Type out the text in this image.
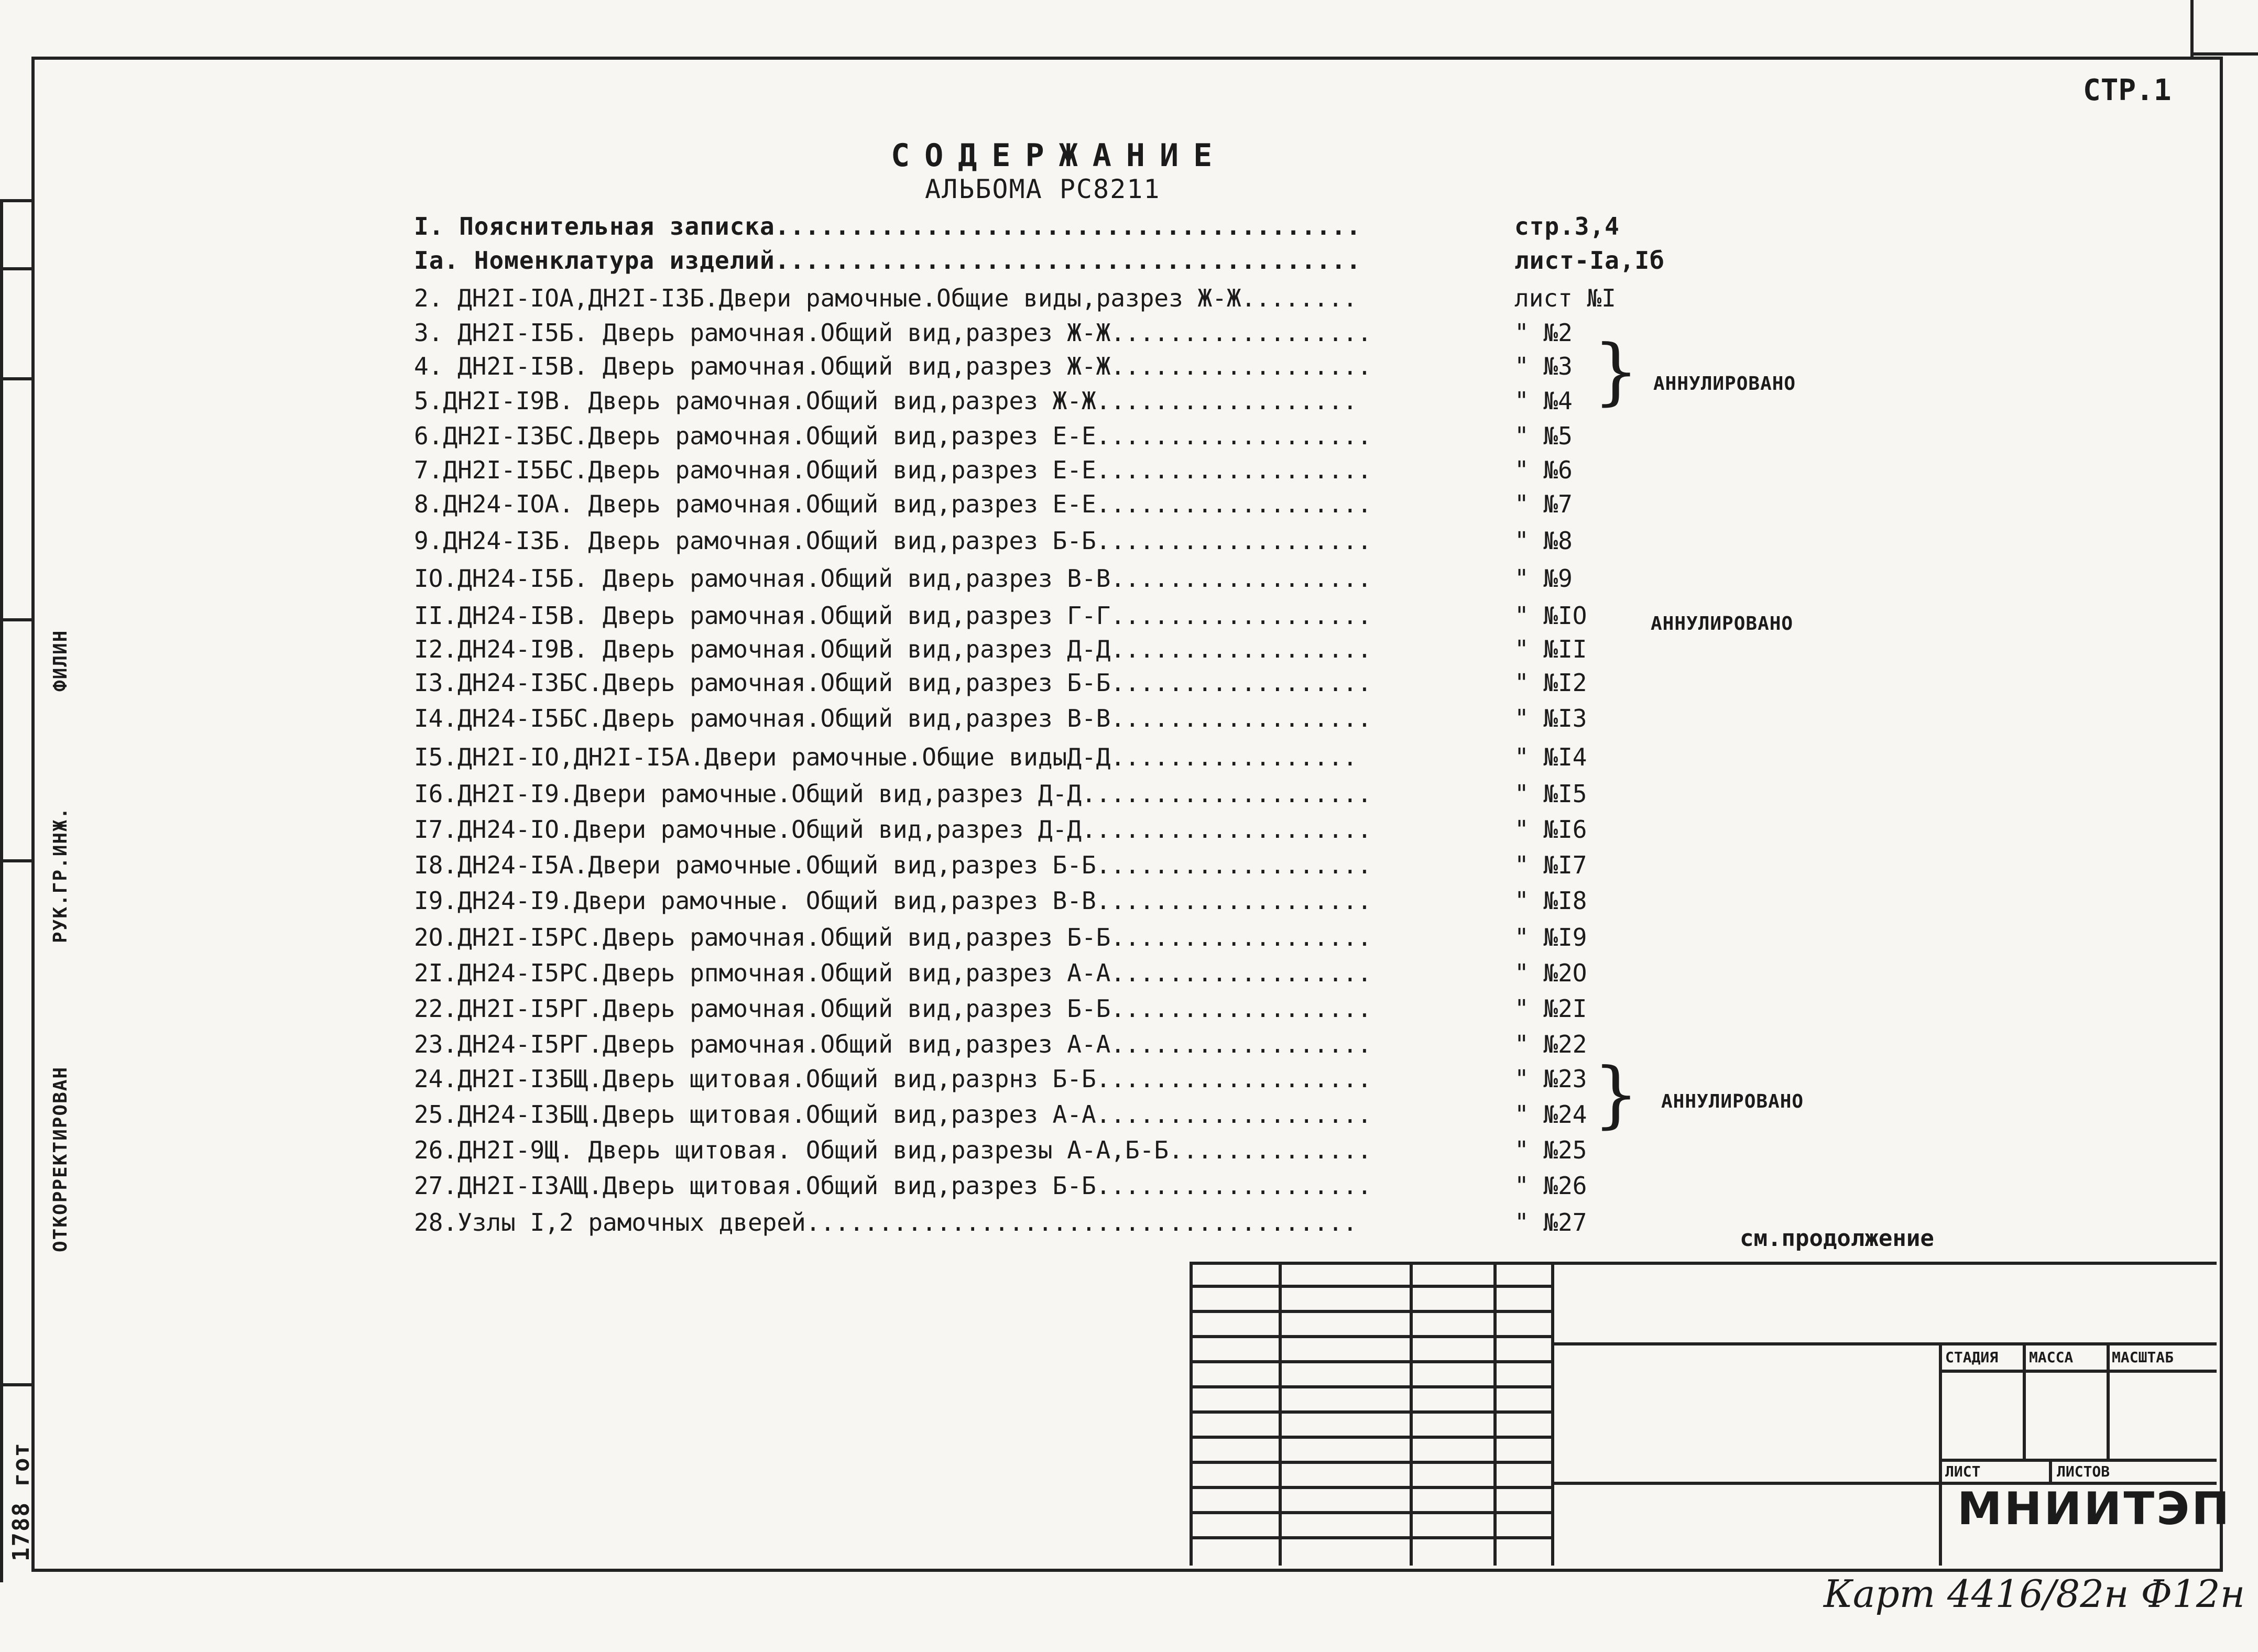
ОТКОРРЕКТИРОВАН
РУК.ГР.ИНЖ.
ФИЛИН
1788 гот
СТР.1
СОДЕРЖАНИЕ
АЛЬБОМА РС8211
I. Пояснительная записка.......................................	стр.3,4
Iа. Номенклатура изделий.......................................	лист-Iа,Iб
2. ДН2I-IОА,ДН2I-I3Б.Двери рамочные.Общие виды,разрез Ж-Ж........	лист №I
3. ДН2I-I5Б. Дверь рамочная.Общий вид,разрез Ж-Ж..................	" №2
4. ДН2I-I5В. Дверь рамочная.Общий вид,разрез Ж-Ж..................	" №3
5.ДН2I-I9В. Дверь рамочная.Общий вид,разрез Ж-Ж..................	" №4
6.ДН2I-I3БС.Дверь рамочная.Общий вид,разрез Е-Е...................	" №5
7.ДН2I-I5БС.Дверь рамочная.Общий вид,разрез Е-Е...................	" №6
8.ДН24-IОА. Дверь рамочная.Общий вид,разрез Е-Е...................	" №7
9.ДН24-I3Б. Дверь рамочная.Общий вид,разрез Б-Б...................	" №8
IО.ДН24-I5Б. Дверь рамочная.Общий вид,разрез В-В..................	" №9
II.ДН24-I5В. Дверь рамочная.Общий вид,разрез Г-Г..................	" №IО
I2.ДН24-I9В. Дверь рамочная.Общий вид,разрез Д-Д..................	" №II
I3.ДН24-I3БС.Дверь рамочная.Общий вид,разрез Б-Б..................	" №I2
I4.ДН24-I5БС.Дверь рамочная.Общий вид,разрез В-В..................	" №I3
I5.ДН2I-IО,ДН2I-I5А.Двери рамочные.Общие видыД-Д.................	" №I4
I6.ДН2I-I9.Двери рамочные.Общий вид,разрез Д-Д....................	" №I5
I7.ДН24-IО.Двери рамочные.Общий вид,разрез Д-Д....................	" №I6
I8.ДН24-I5А.Двери рамочные.Общий вид,разрез Б-Б...................	" №I7
I9.ДН24-I9.Двери рамочные. Общий вид,разрез В-В...................	" №I8
2О.ДН2I-I5РС.Дверь рамочная.Общий вид,разрез Б-Б..................	" №I9
2I.ДН24-I5РС.Дверь рпмочная.Общий вид,разрез А-А..................	" №2О
22.ДН2I-I5РГ.Дверь рамочная.Общий вид,разрез Б-Б..................	" №2I
23.ДН24-I5РГ.Дверь рамочная.Общий вид,разрез А-А..................	" №22
24.ДН2I-I3БЩ.Дверь щитовая.Общий вид,разрнз Б-Б...................	" №23
25.ДН24-I3БЩ.Дверь щитовая.Общий вид,разрез А-А...................	" №24
26.ДН2I-9Щ. Дверь щитовая. Общий вид,разрезы А-А,Б-Б..............	" №25
27.ДН2I-I3АЩ.Дверь щитовая.Общий вид,разрез Б-Б...................	" №26
28.Узлы I,2 рамочных дверей......................................	" №27
} АННУЛИРОВАНО
АННУЛИРОВАНО
} АННУЛИРОВАНО
см.продолжение
СТАДИЯ МАССА	МАСШТАБ
ЛИСТ	ЛИСТОВ
МНИИТЭП
Карт 4416/82н Ф12н
